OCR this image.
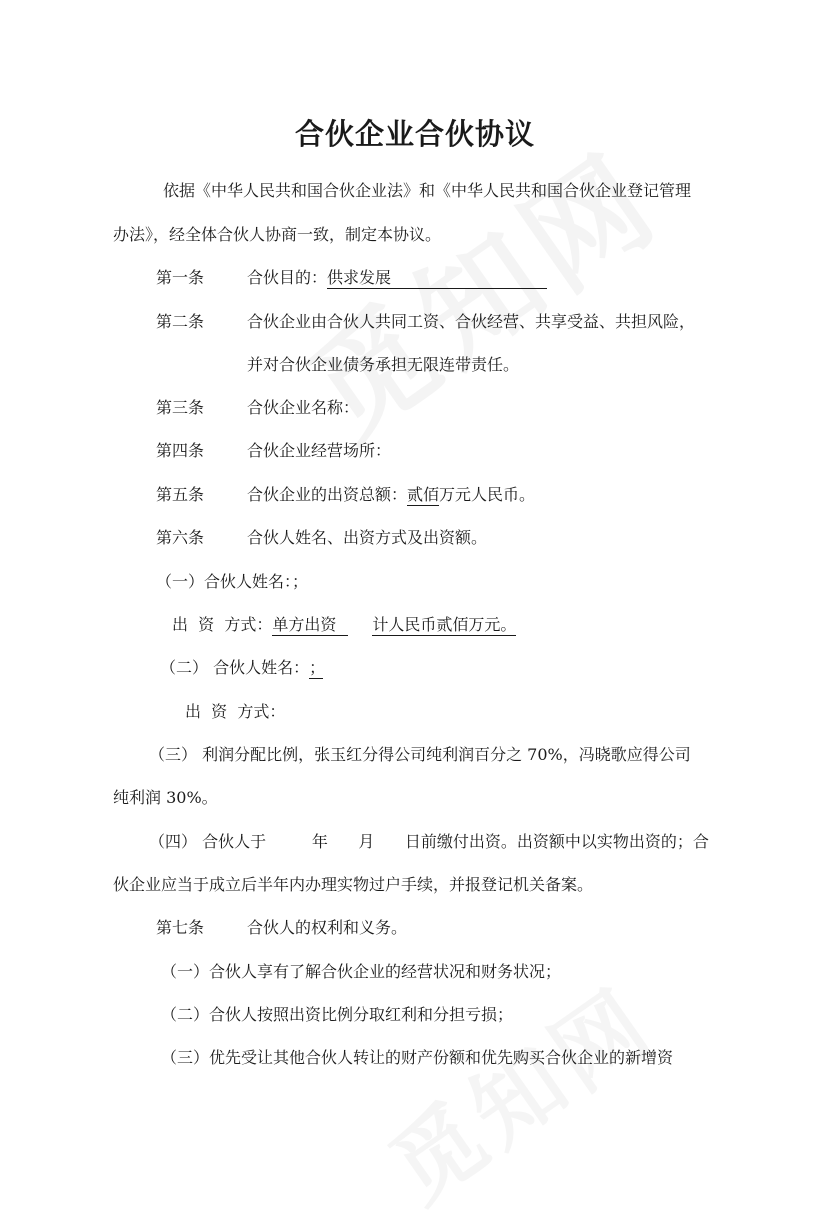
合伙企业合伙协议
依据《中华人民共和国合伙企业法》和《中华人民共和国合伙企业登记管理
办法》，经全体合伙人协商一致，制定本协议。
第一条	合伙目的：供求发展
第二条	合伙企业由合伙人共同工资、合伙经营、共享受益、共担风险，
并对合伙企业债务承担无限连带责任。
第三条	合伙企业名称：
第四条	合伙企业经营场所：
第五条	合伙企业的出资总额：贰佰万元人民币。
第六条	合伙人姓名、出资方式及出资额。
（一）合伙人姓名：；
出  资  方式：单方出资 计人民币贰佰万元。
（二） 合伙人姓名：；
出  资  方式：
（三） 利润分配比例，张玉红分得公司纯利润百分之 70%，冯晓歌应得公司
纯利润 30%。
（四） 合伙人于         年      月      日前缴付出资。出资额中以实物出资的；合
伙企业应当于成立后半年内办理实物过户手续，并报登记机关备案。
第七条	合伙人的权利和义务。
（一）合伙人享有了解合伙企业的经营状况和财务状况；
（二）合伙人按照出资比例分取红利和分担亏损；
（三）优先受让其他合伙人转让的财产份额和优先购买合伙企业的新增资
